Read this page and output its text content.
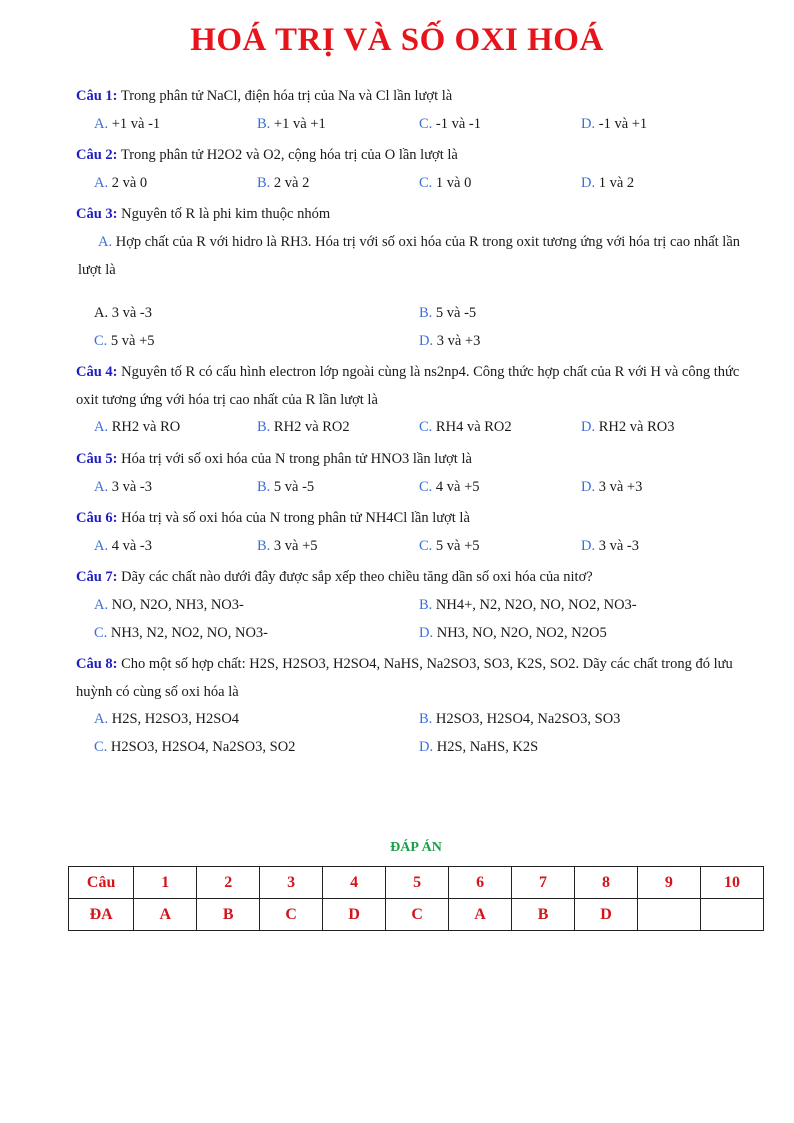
HOÁ TRỊ VÀ SỐ OXI HOÁ
Câu 1: Trong phân tử NaCl, điện hóa trị của Na và Cl lần lượt là
A. +1 và -1	B. +1 và +1	C. -1 và -1	D. -1 và +1
Câu 2: Trong phân tử H2O2 và O2, cộng hóa trị của O lần lượt là
A. 2 và 0	B. 2 và 2	C. 1 và 0	D. 1 và 2
Câu 3: Nguyên tố R là phi kim thuộc nhóm
A. Hợp chất của R với hidro là RH3. Hóa trị với số oxi hóa của R trong oxit tương ứng với hóa trị cao nhất lần lượt là
A. 3 và -3	B. 5 và -5
C. 5 và +5	D. 3 và +3
Câu 4: Nguyên tố R có cấu hình electron lớp ngoài cùng là ns2np4. Công thức hợp chất của R với H và công thức oxit tương ứng với hóa trị cao nhất của R lần lượt là
A. RH2 và RO	B. RH2 và RO2	C. RH4 và RO2	D. RH2 và RO3
Câu 5: Hóa trị với số oxi hóa của N trong phân tử HNO3 lần lượt là
A. 3 và -3	B. 5 và -5	C. 4 và +5	D. 3 và +3
Câu 6: Hóa trị và số oxi hóa của N trong phân tử NH4Cl lần lượt là
A. 4 và -3	B. 3 và +5	C. 5 và +5	D. 3 và -3
Câu 7: Dãy các chất nào dưới đây được sắp xếp theo chiều tăng dần số oxi hóa của nitơ?
A. NO, N2O, NH3, NO3-	B. NH4+, N2, N2O, NO, NO2, NO3-
C. NH3, N2, NO2, NO, NO3-	D. NH3, NO, N2O, NO2, N2O5
Câu 8: Cho một số hợp chất: H2S, H2SO3, H2SO4, NaHS, Na2SO3, SO3, K2S, SO2. Dãy các chất trong đó lưu huỳnh có cùng số oxi hóa là
A. H2S, H2SO3, H2SO4	B. H2SO3, H2SO4, Na2SO3, SO3
C. H2SO3, H2SO4, Na2SO3, SO2	D. H2S, NaHS, K2S
ĐÁP ÁN
Câu	1	2	3	4	5	6	7	8	9	10
ĐA	A	B	C	D	C	A	B	D		
